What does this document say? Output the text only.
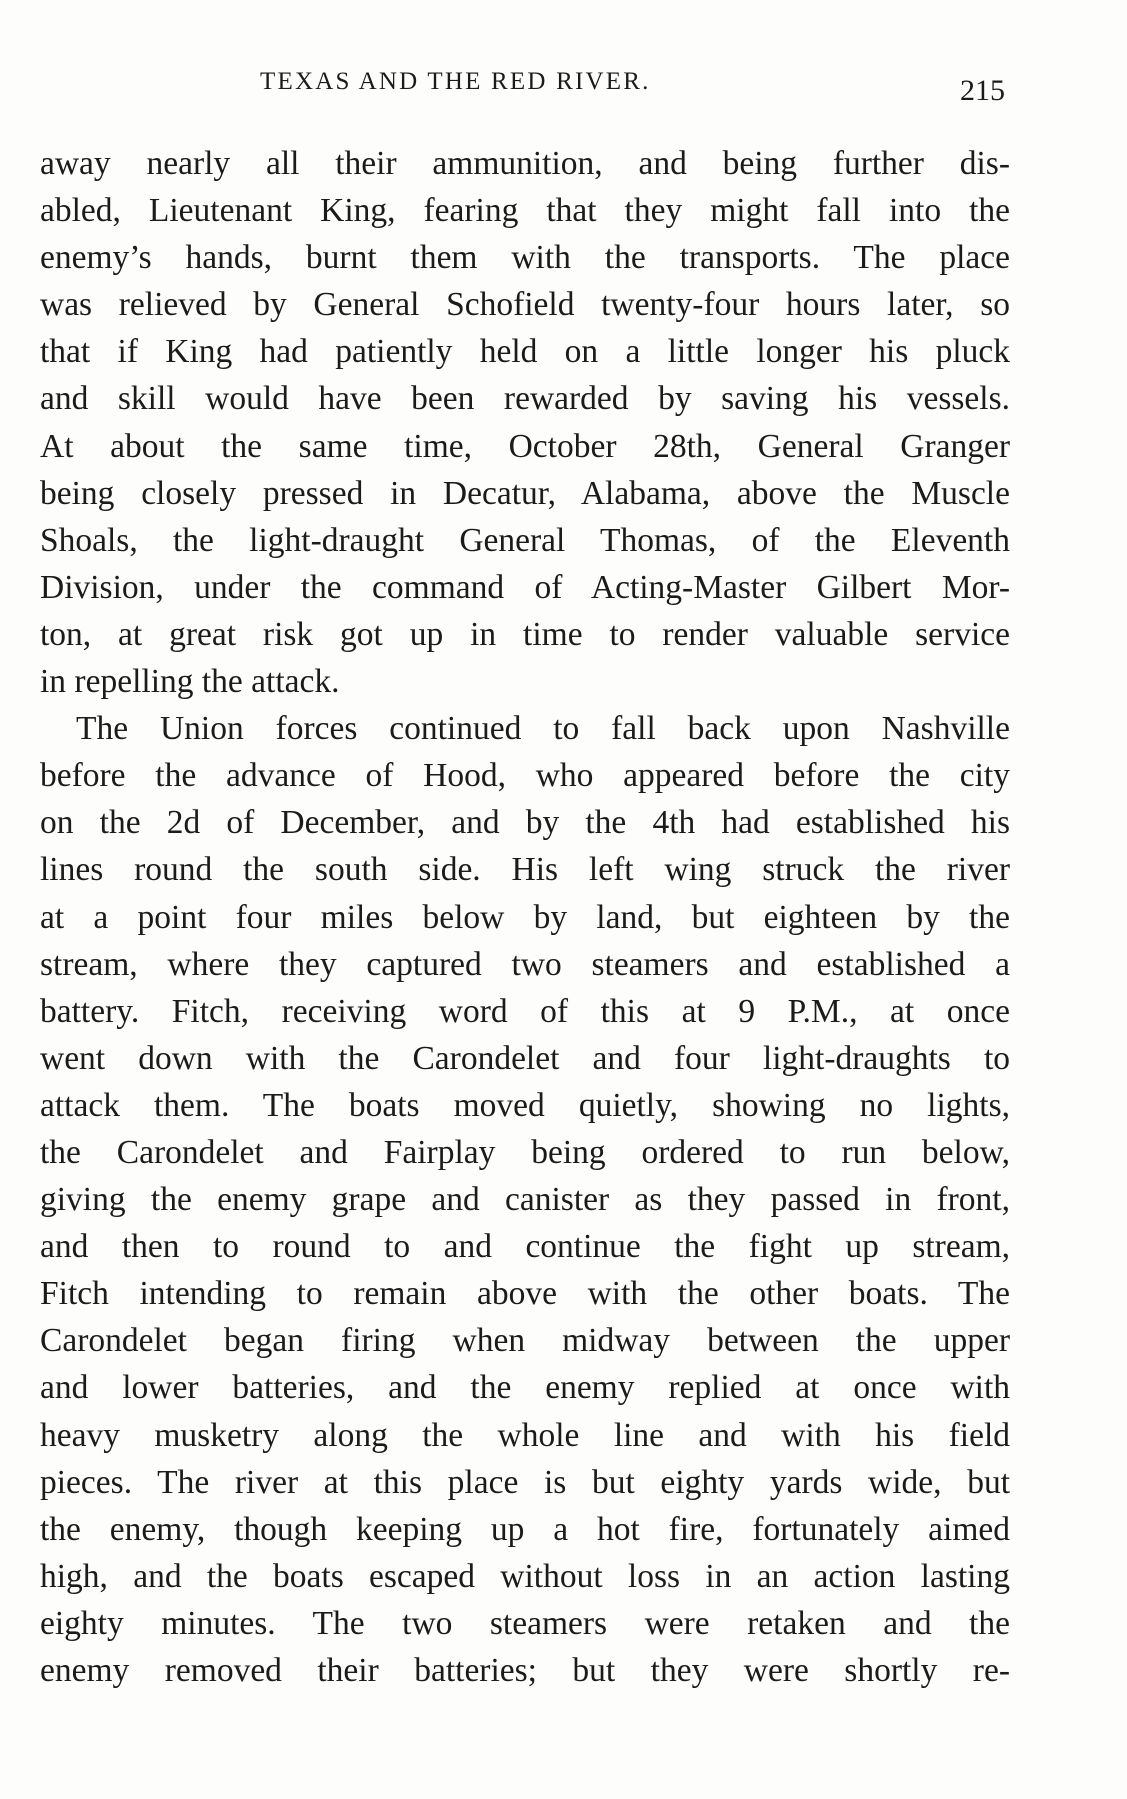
TEXAS AND THE RED RIVER.	215
away nearly all their ammunition, and being further dis-
abled, Lieutenant King, fearing that they might fall into the
enemy’s hands, burnt them with the transports. The place
was relieved by General Schofield twenty-four hours later, so
that if King had patiently held on a little longer his pluck
and skill would have been rewarded by saving his vessels.
At about the same time, October 28th, General Granger
being closely pressed in Decatur, Alabama, above the Muscle
Shoals, the light-draught General Thomas, of the Eleventh
Division, under the command of Acting-Master Gilbert Mor-
ton, at great risk got up in time to render valuable service
in repelling the attack.
The Union forces continued to fall back upon Nashville
before the advance of Hood, who appeared before the city
on the 2d of December, and by the 4th had established his
lines round the south side. His left wing struck the river
at a point four miles below by land, but eighteen by the
stream, where they captured two steamers and established a
battery. Fitch, receiving word of this at 9 P.M., at once
went down with the Carondelet and four light-draughts to
attack them. The boats moved quietly, showing no lights,
the Carondelet and Fairplay being ordered to run below,
giving the enemy grape and canister as they passed in front,
and then to round to and continue the fight up stream,
Fitch intending to remain above with the other boats. The
Carondelet began firing when midway between the upper
and lower batteries, and the enemy replied at once with
heavy musketry along the whole line and with his field
pieces. The river at this place is but eighty yards wide, but
the enemy, though keeping up a hot fire, fortunately aimed
high, and the boats escaped without loss in an action lasting
eighty minutes. The two steamers were retaken and the
enemy removed their batteries; but they were shortly re-
